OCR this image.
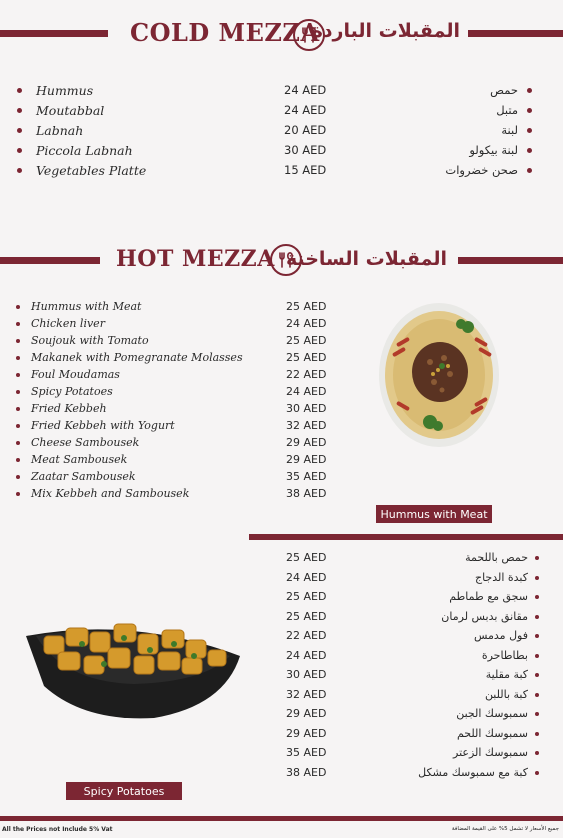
COLD MEZZA
المقبلات الباردة
Hummus	24 AED	حمص
Moutabbal	24 AED	متبل
Labnah	20 AED	لبنة
Piccola Labnah	30 AED	لبنة بيكولو
Vegetables Platte	15 AED	صحن خضروات
HOT MEZZA المقبلات الساخنة
Hummus with Meat	25 AED
Chicken liver	24 AED
Soujouk with Tomato	25 AED
Makanek with Pomegranate Molasses	25 AED
Foul Moudamas	22 AED
Spicy Potatoes	24 AED
Fried Kebbeh	30 AED
Fried Kebbeh with Yogurt	32 AED
Cheese Sambousek	29 AED
Meat Sambousek	29 AED
Zaatar Sambousek	35 AED
Mix Kebbeh and Sambousek	38 AED
Hummus with Meat
25 AED	حمص باللحمة
24 AED	كبدة الدجاج
25 AED	سجق مع طماطم
25 AED	مقانق بدبس لرمان
22 AED	فول مدمس
24 AED	بطاطاحرة
30 AED	كبة مقلية
32 AED	كبة باللبن
29 AED	سمبوسك الجبن
29 AED	سمبوسك اللحم
35 AED	سمبوسك الزعتر
38 AED	كبة مع سمبوسك مشكل
Spicy Potatoes
All the Prices not Include 5% Vat	جميع الأسعار لا تشمل 5% على القيمة المضافة
